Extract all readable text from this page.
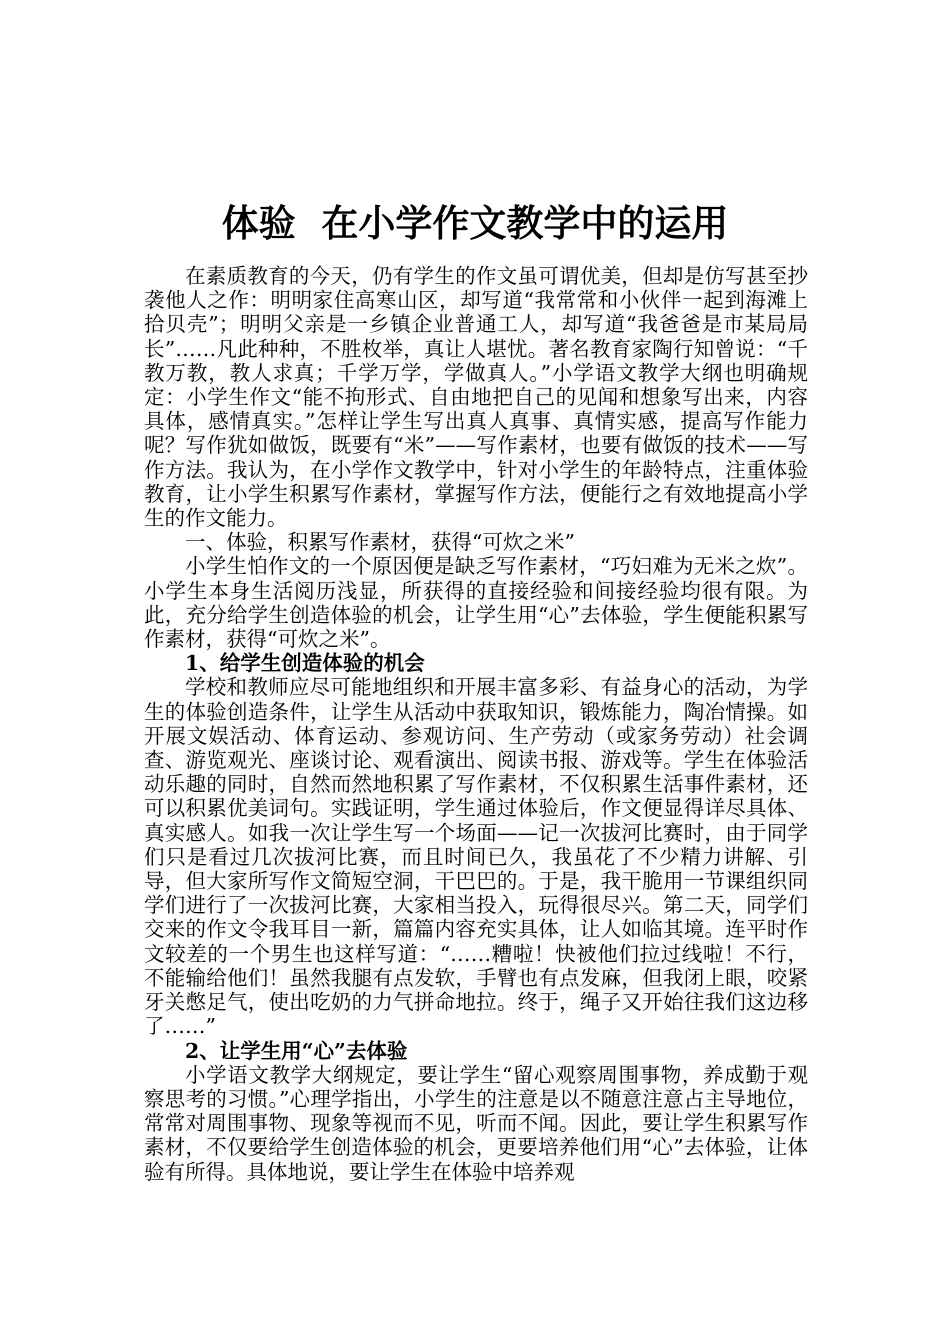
体验  在小学作文教学中的运用

在素质教育的今天，仍有学生的作文虽可谓优美，但却是仿写甚至抄袭他人之作：明明家住高寒山区，却写道“我常常和小伙伴一起到海滩上拾贝壳”；明明父亲是一乡镇企业普通工人，却写道“我爸爸是市某局局长”……凡此种种，不胜枚举，真让人堪忧。著名教育家陶行知曾说：“千教万教，教人求真；千学万学，学做真人。”小学语文教学大纲也明确规定：小学生作文“能不拘形式、自由地把自己的见闻和想象写出来，内容具体，感情真实。”怎样让学生写出真人真事、真情实感，提高写作能力呢？写作犹如做饭，既要有“米”——写作素材，也要有做饭的技术——写作方法。我认为，在小学作文教学中，针对小学生的年龄特点，注重体验教育，让小学生积累写作素材，掌握写作方法，便能行之有效地提高小学生的作文能力。

一、体验，积累写作素材，获得“可炊之米”

小学生怕作文的一个原因便是缺乏写作素材，“巧妇难为无米之炊”。小学生本身生活阅历浅显，所获得的直接经验和间接经验均很有限。为此，充分给学生创造体验的机会，让学生用“心”去体验，学生便能积累写作素材，获得“可炊之米”。

1、给学生创造体验的机会

学校和教师应尽可能地组织和开展丰富多彩、有益身心的活动，为学生的体验创造条件，让学生从活动中获取知识，锻炼能力，陶冶情操。如开展文娱活动、体育运动、参观访问、生产劳动（或家务劳动）社会调查、游览观光、座谈讨论、观看演出、阅读书报、游戏等。学生在体验活动乐趣的同时，自然而然地积累了写作素材，不仅积累生活事件素材，还可以积累优美词句。实践证明，学生通过体验后，作文便显得详尽具体、真实感人。如我一次让学生写一个场面——记一次拔河比赛时，由于同学们只是看过几次拔河比赛，而且时间已久，我虽花了不少精力讲解、引导，但大家所写作文简短空洞，干巴巴的。于是，我干脆用一节课组织同学们进行了一次拔河比赛，大家相当投入，玩得很尽兴。第二天，同学们交来的作文令我耳目一新，篇篇内容充实具体，让人如临其境。连平时作文较差的一个男生也这样写道：“……糟啦！快被他们拉过线啦！不行，不能输给他们！虽然我腿有点发软，手臂也有点发麻，但我闭上眼，咬紧牙关憋足气，使出吃奶的力气拼命地拉。终于，绳子又开始往我们这边移了……”

2、让学生用“心”去体验

小学语文教学大纲规定，要让学生“留心观察周围事物，养成勤于观察思考的习惯。”心理学指出，小学生的注意是以不随意注意占主导地位，常常对周围事物、现象等视而不见，听而不闻。因此，要让学生积累写作素材，不仅要给学生创造体验的机会，更要培养他们用“心”去体验，让体验有所得。具体地说，要让学生在体验中培养观
